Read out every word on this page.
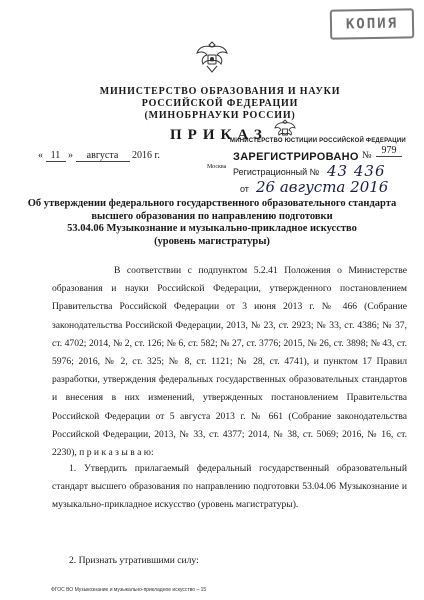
КОПИЯ
МИНИСТЕРСТВО ОБРАЗОВАНИЯ И НАУКИ
РОССИЙСКОЙ ФЕДЕРАЦИИ
(МИНОБРНАУКИ РОССИИ)
ПРИКАЗ
« 11 » августа 2016 г.
Москва
№ 979
МИНИСТЕРСТВО ЮСТИЦИИ РОССИЙСКОЙ ФЕДЕРАЦИИ
ЗАРЕГИСТРИРОВАНО
Регистрационный № 43 436
от 26 августа 2016
Об утверждении федерального государственного образовательного стандарта
высшего образования по направлению подготовки
53.04.06 Музыкознание и музыкально-прикладное искусство
(уровень магистратуры)
В соответствии с подпунктом 5.2.41 Положения о Министерстве образования и науки Российской Федерации, утвержденного постановлением Правительства Российской Федерации от 3 июня 2013 г. № 466 (Собрание законодательства Российской Федерации, 2013, № 23, ст. 2923; № 33, ст. 4386; № 37, ст. 4702; 2014, № 2, ст. 126; № 6, ст. 582; № 27, ст. 3776; 2015, № 26, ст. 3898; № 43, ст. 5976; 2016, № 2, ст. 325; № 8, ст. 1121; № 28, ст. 4741), и пунктом 17 Правил разработки, утверждения федеральных государственных образовательных стандартов и внесения в них изменений, утвержденных постановлением Правительства Российской Федерации от 5 августа 2013 г. № 661 (Собрание законодательства Российской Федерации, 2013, № 33, ст. 4377; 2014, № 38, ст. 5069; 2016, № 16, ст. 2230), п р и к а з ы в а ю:
1. Утвердить прилагаемый федеральный государственный образовательный стандарт высшего образования по направлению подготовки 53.04.06 Музыкознание и музыкально-прикладное искусство (уровень магистратуры).
2. Признать утратившими силу:
ФГОС ВО Музыкознание и музыкально-прикладное искусство – 15
